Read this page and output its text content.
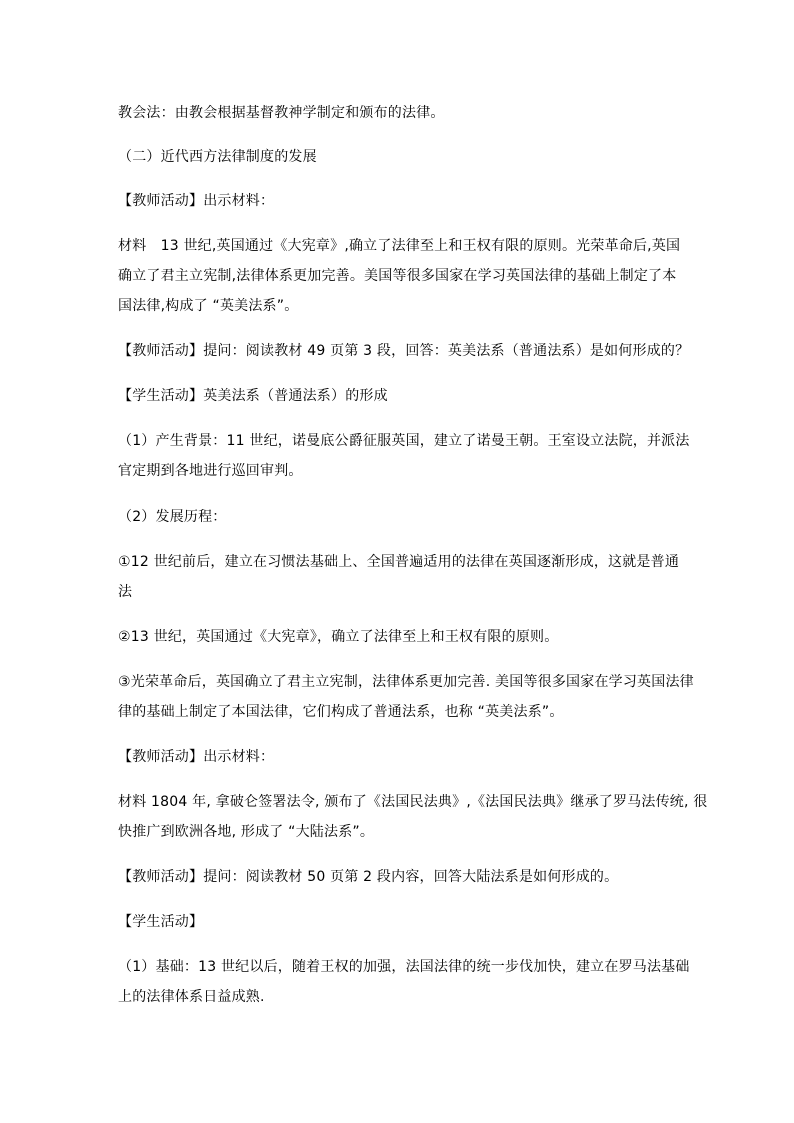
教会法：由教会根据基督教神学制定和颁布的法律。
（二）近代西方法律制度的发展
【教师活动】出示材料：
材料　13 世纪,英国通过《大宪章》,确立了法律至上和王权有限的原则。光荣革命后,英国
确立了君主立宪制,法律体系更加完善。美国等很多国家在学习英国法律的基础上制定了本
国法律,构成了 “英美法系”。
【教师活动】提问：阅读教材 49 页第 3 段，回答：英美法系（普通法系）是如何形成的？
【学生活动】英美法系（普通法系）的形成
（1）产生背景：11 世纪，诺曼底公爵征服英国，建立了诺曼王朝。王室设立法院，并派法
官定期到各地进行巡回审判。
（2）发展历程：
①12 世纪前后，建立在习惯法基础上、全国普遍适用的法律在英国逐渐形成，这就是普通
法
②13 世纪，英国通过《大宪章》，确立了法律至上和王权有限的原则。
③光荣革命后，英国确立了君主立宪制，法律体系更加完善. 美国等很多国家在学习英国法律
律的基础上制定了本国法律，它们构成了普通法系，也称 “英美法系”。
【教师活动】出示材料：
材料 1804 年, 拿破仑签署法令, 颁布了《法国民法典》,《法国民法典》继承了罗马法传统, 很
快推广到欧洲各地, 形成了 “大陆法系”。
【教师活动】提问：阅读教材 50 页第 2 段内容，回答大陆法系是如何形成的。
【学生活动】
（1）基础：13 世纪以后，随着王权的加强，法国法律的统一步伐加快，建立在罗马法基础
上的法律体系日益成熟.
